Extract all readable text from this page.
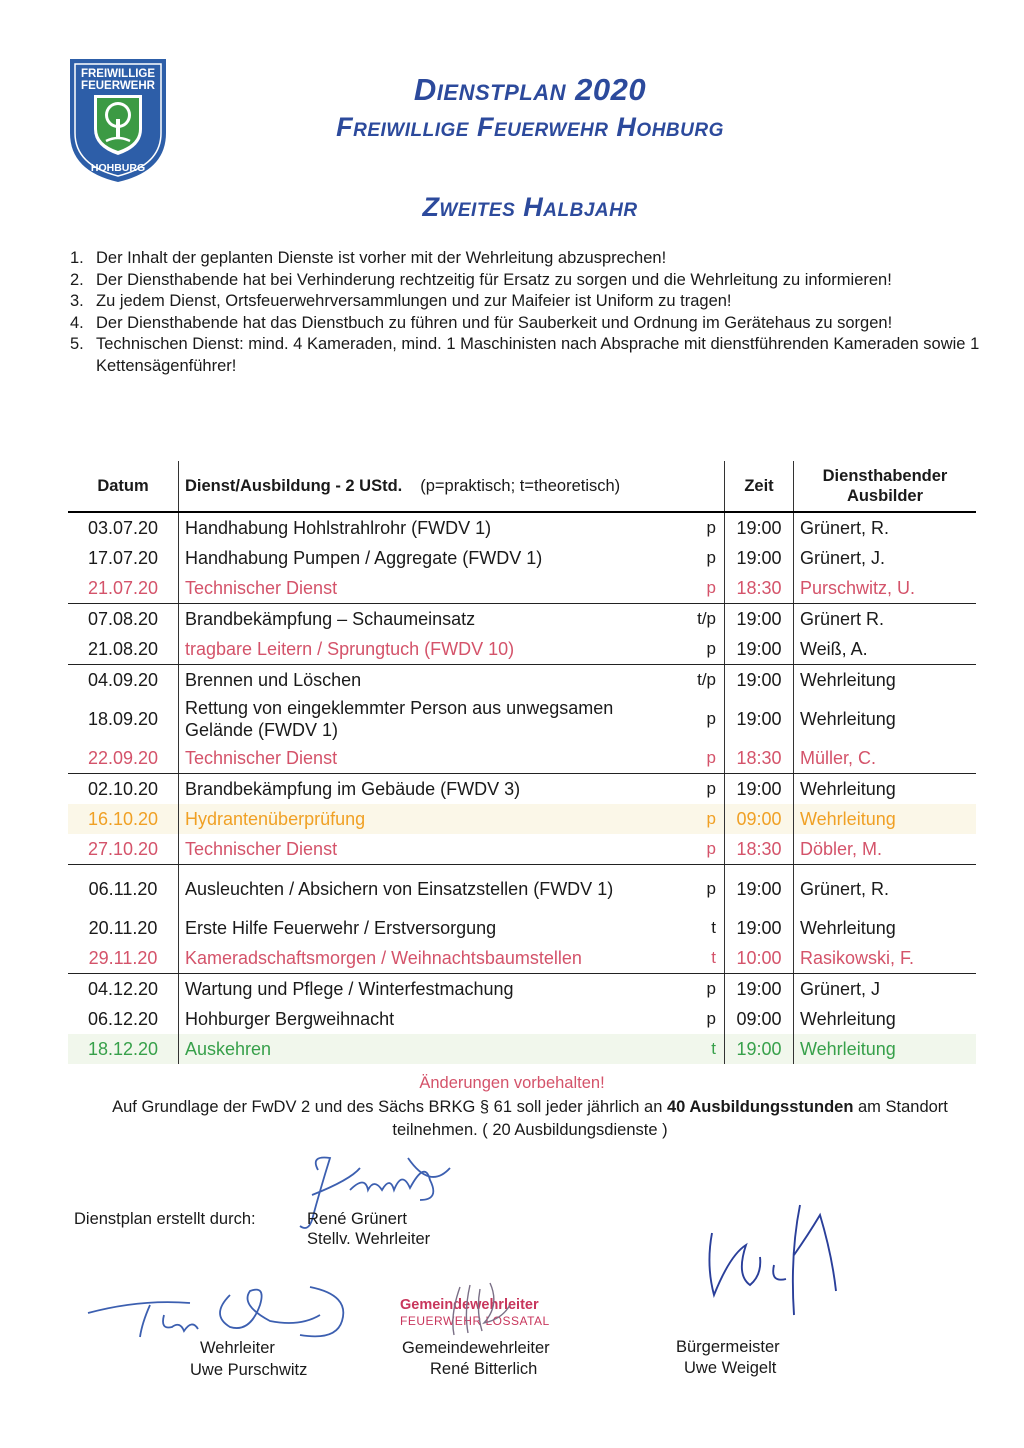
FREIWILLIGE
FEUERWEHR
HOHBURG
Dienstplan 2020
Freiwillige Feuerwehr Hohburg
Zweites Halbjahr
1. Der Inhalt der geplanten Dienste ist vorher mit der Wehrleitung abzusprechen!
2. Der Diensthabende hat bei Verhinderung rechtzeitig für Ersatz zu sorgen und die Wehrleitung zu informieren!
3. Zu jedem Dienst, Ortsfeuerwehrversammlungen und zur Maifeier ist Uniform zu tragen!
4. Der Diensthabende hat das Dienstbuch zu führen und für Sauberkeit und Ordnung im Gerätehaus zu sorgen!
5. Technischen Dienst: mind. 4 Kameraden, mind. 1 Maschinisten nach Absprache mit dienstführenden Kameraden sowie 1 Kettensägenführer!
Datum	Dienst/Ausbildung - 2 UStd. (p=praktisch; t=theoretisch)		Zeit	Diensthabender
Ausbilder
03.07.20	Handhabung Hohlstrahlrohr (FWDV 1)	p	19:00	Grünert, R.
17.07.20	Handhabung Pumpen / Aggregate (FWDV 1)	p	19:00	Grünert, J.
21.07.20	Technischer Dienst	p	18:30	Purschwitz, U.
07.08.20	Brandbekämpfung – Schaumeinsatz	t/p	19:00	Grünert R.
21.08.20	tragbare Leitern / Sprungtuch (FWDV 10)	p	19:00	Weiß, A.
04.09.20	Brennen und Löschen	t/p	19:00	Wehrleitung
18.09.20	Rettung von eingeklemmter Person aus unwegsamen Gelände (FWDV 1)	p	19:00	Wehrleitung
22.09.20	Technischer Dienst	p	18:30	Müller, C.
02.10.20	Brandbekämpfung im Gebäude (FWDV 3)	p	19:00	Wehrleitung
16.10.20	Hydrantenüberprüfung	p	09:00	Wehrleitung
27.10.20	Technischer Dienst	p	18:30	Döbler, M.
06.11.20	Ausleuchten / Absichern von Einsatzstellen (FWDV 1)	p	19:00	Grünert, R.
20.11.20	Erste Hilfe Feuerwehr / Erstversorgung	t	19:00	Wehrleitung
29.11.20	Kameradschaftsmorgen / Weihnachtsbaumstellen	t	10:00	Rasikowski, F.
04.12.20	Wartung und Pflege / Winterfestmachung	p	19:00	Grünert, J
06.12.20	Hohburger Bergweihnacht	p	09:00	Wehrleitung
18.12.20	Auskehren	t	19:00	Wehrleitung
Änderungen vorbehalten!
Auf Grundlage der FwDV 2 und des Sächs BRKG § 61 soll jeder jährlich an 40 Ausbildungsstunden am Standort teilnehmen. ( 20 Ausbildungsdienste )
Dienstplan erstellt durch:	René Grünert
Stellv. Wehrleiter
Wehrleiter
Uwe Purschwitz
Gemeindewehrleiter
FEUERWEHR LOSSATAL
Gemeindewehrleiter
René Bitterlich
Bürgermeister
Uwe Weigelt
